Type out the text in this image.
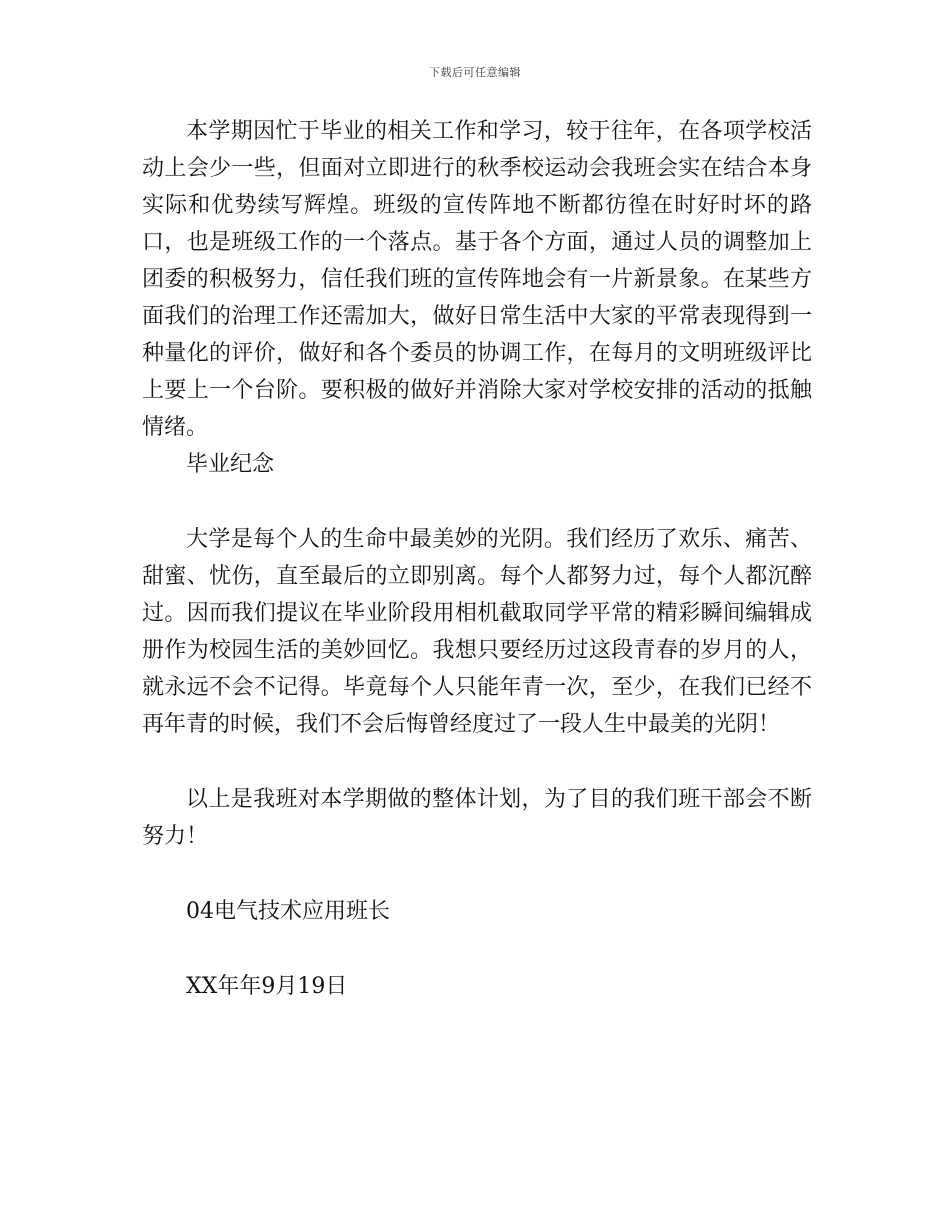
下载后可任意编辑

本学期因忙于毕业的相关工作和学习，较于往年，在各项学校活动上会少一些，但面对立即进行的秋季校运动会我班会实在结合本身实际和优势续写辉煌。班级的宣传阵地不断都彷徨在时好时坏的路口，也是班级工作的一个落点。基于各个方面，通过人员的调整加上团委的积极努力，信任我们班的宣传阵地会有一片新景象。在某些方面我们的治理工作还需加大，做好日常生活中大家的平常表现得到一种量化的评价，做好和各个委员的协调工作，在每月的文明班级评比上要上一个台阶。要积极的做好并消除大家对学校安排的活动的抵触情绪。

毕业纪念

大学是每个人的生命中最美妙的光阴。我们经历了欢乐、痛苦、甜蜜、忧伤，直至最后的立即别离。每个人都努力过，每个人都沉醉过。因而我们提议在毕业阶段用相机截取同学平常的精彩瞬间编辑成册作为校园生活的美妙回忆。我想只要经历过这段青春的岁月的人，就永远不会不记得。毕竟每个人只能年青一次，至少，在我们已经不再年青的时候，我们不会后悔曾经度过了一段人生中最美的光阴！

以上是我班对本学期做的整体计划，为了目的我们班干部会不断努力！

04电气技术应用班长

XX年年9月19日
